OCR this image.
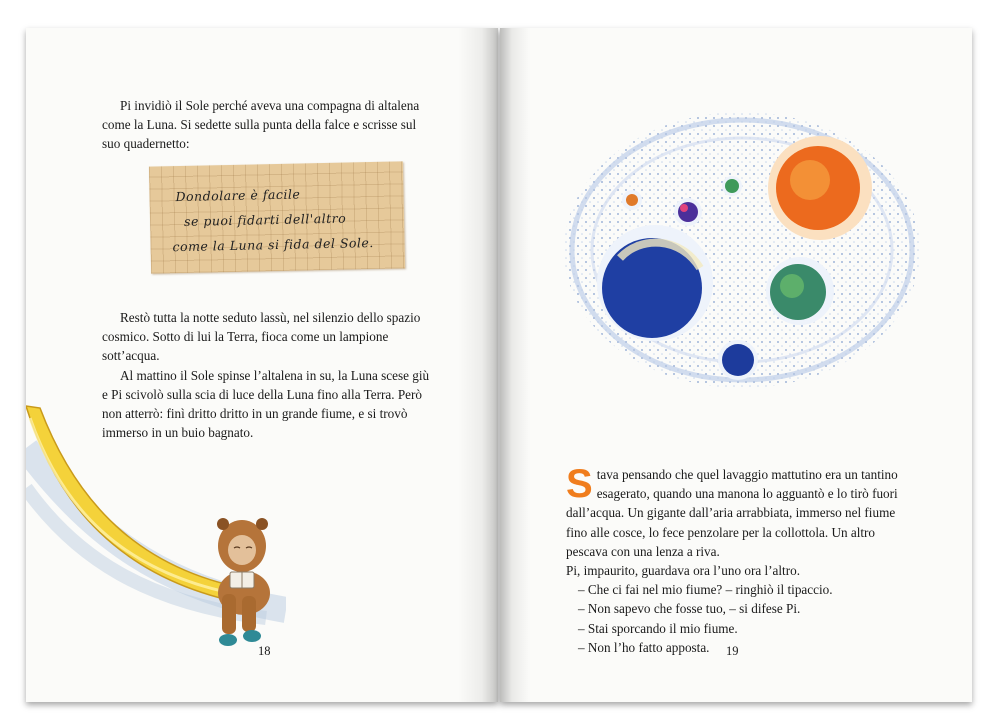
Pi invidiò il Sole perché aveva una compagna di altalena come la Luna. Si sedette sulla punta della falce e scrisse sul suo quadernetto:

Dondolare è facile
se puoi fidarti dell'altro
come la Luna si fida del Sole.

Restò tutta la notte seduto lassù, nel silenzio dello spazio cosmico. Sotto di lui la Terra, fioca come un lampione sott’acqua.

Al mattino il Sole spinse l’altalena in su, la Luna scese giù e Pi scivolò sulla scia di luce della Luna fino alla Terra. Però non atterrò: finì dritto dritto in un grande fiume, e si trovò immerso in un buio bagnato.

18

Stava pensando che quel lavaggio mattutino era un tantino esagerato, quando una manona lo agguantò e lo tirò fuori dall’acqua. Un gigante dall’aria arrabbiata, immerso nel fiume fino alle cosce, lo fece penzolare per la collottola. Un altro pescava con una lenza a riva.

Pi, impaurito, guardava ora l’uno ora l’altro.

– Che ci fai nel mio fiume? – ringhiò il tipaccio.

– Non sapevo che fosse tuo, – si difese Pi.

– Stai sporcando il mio fiume.

– Non l’ho fatto apposta.	19
